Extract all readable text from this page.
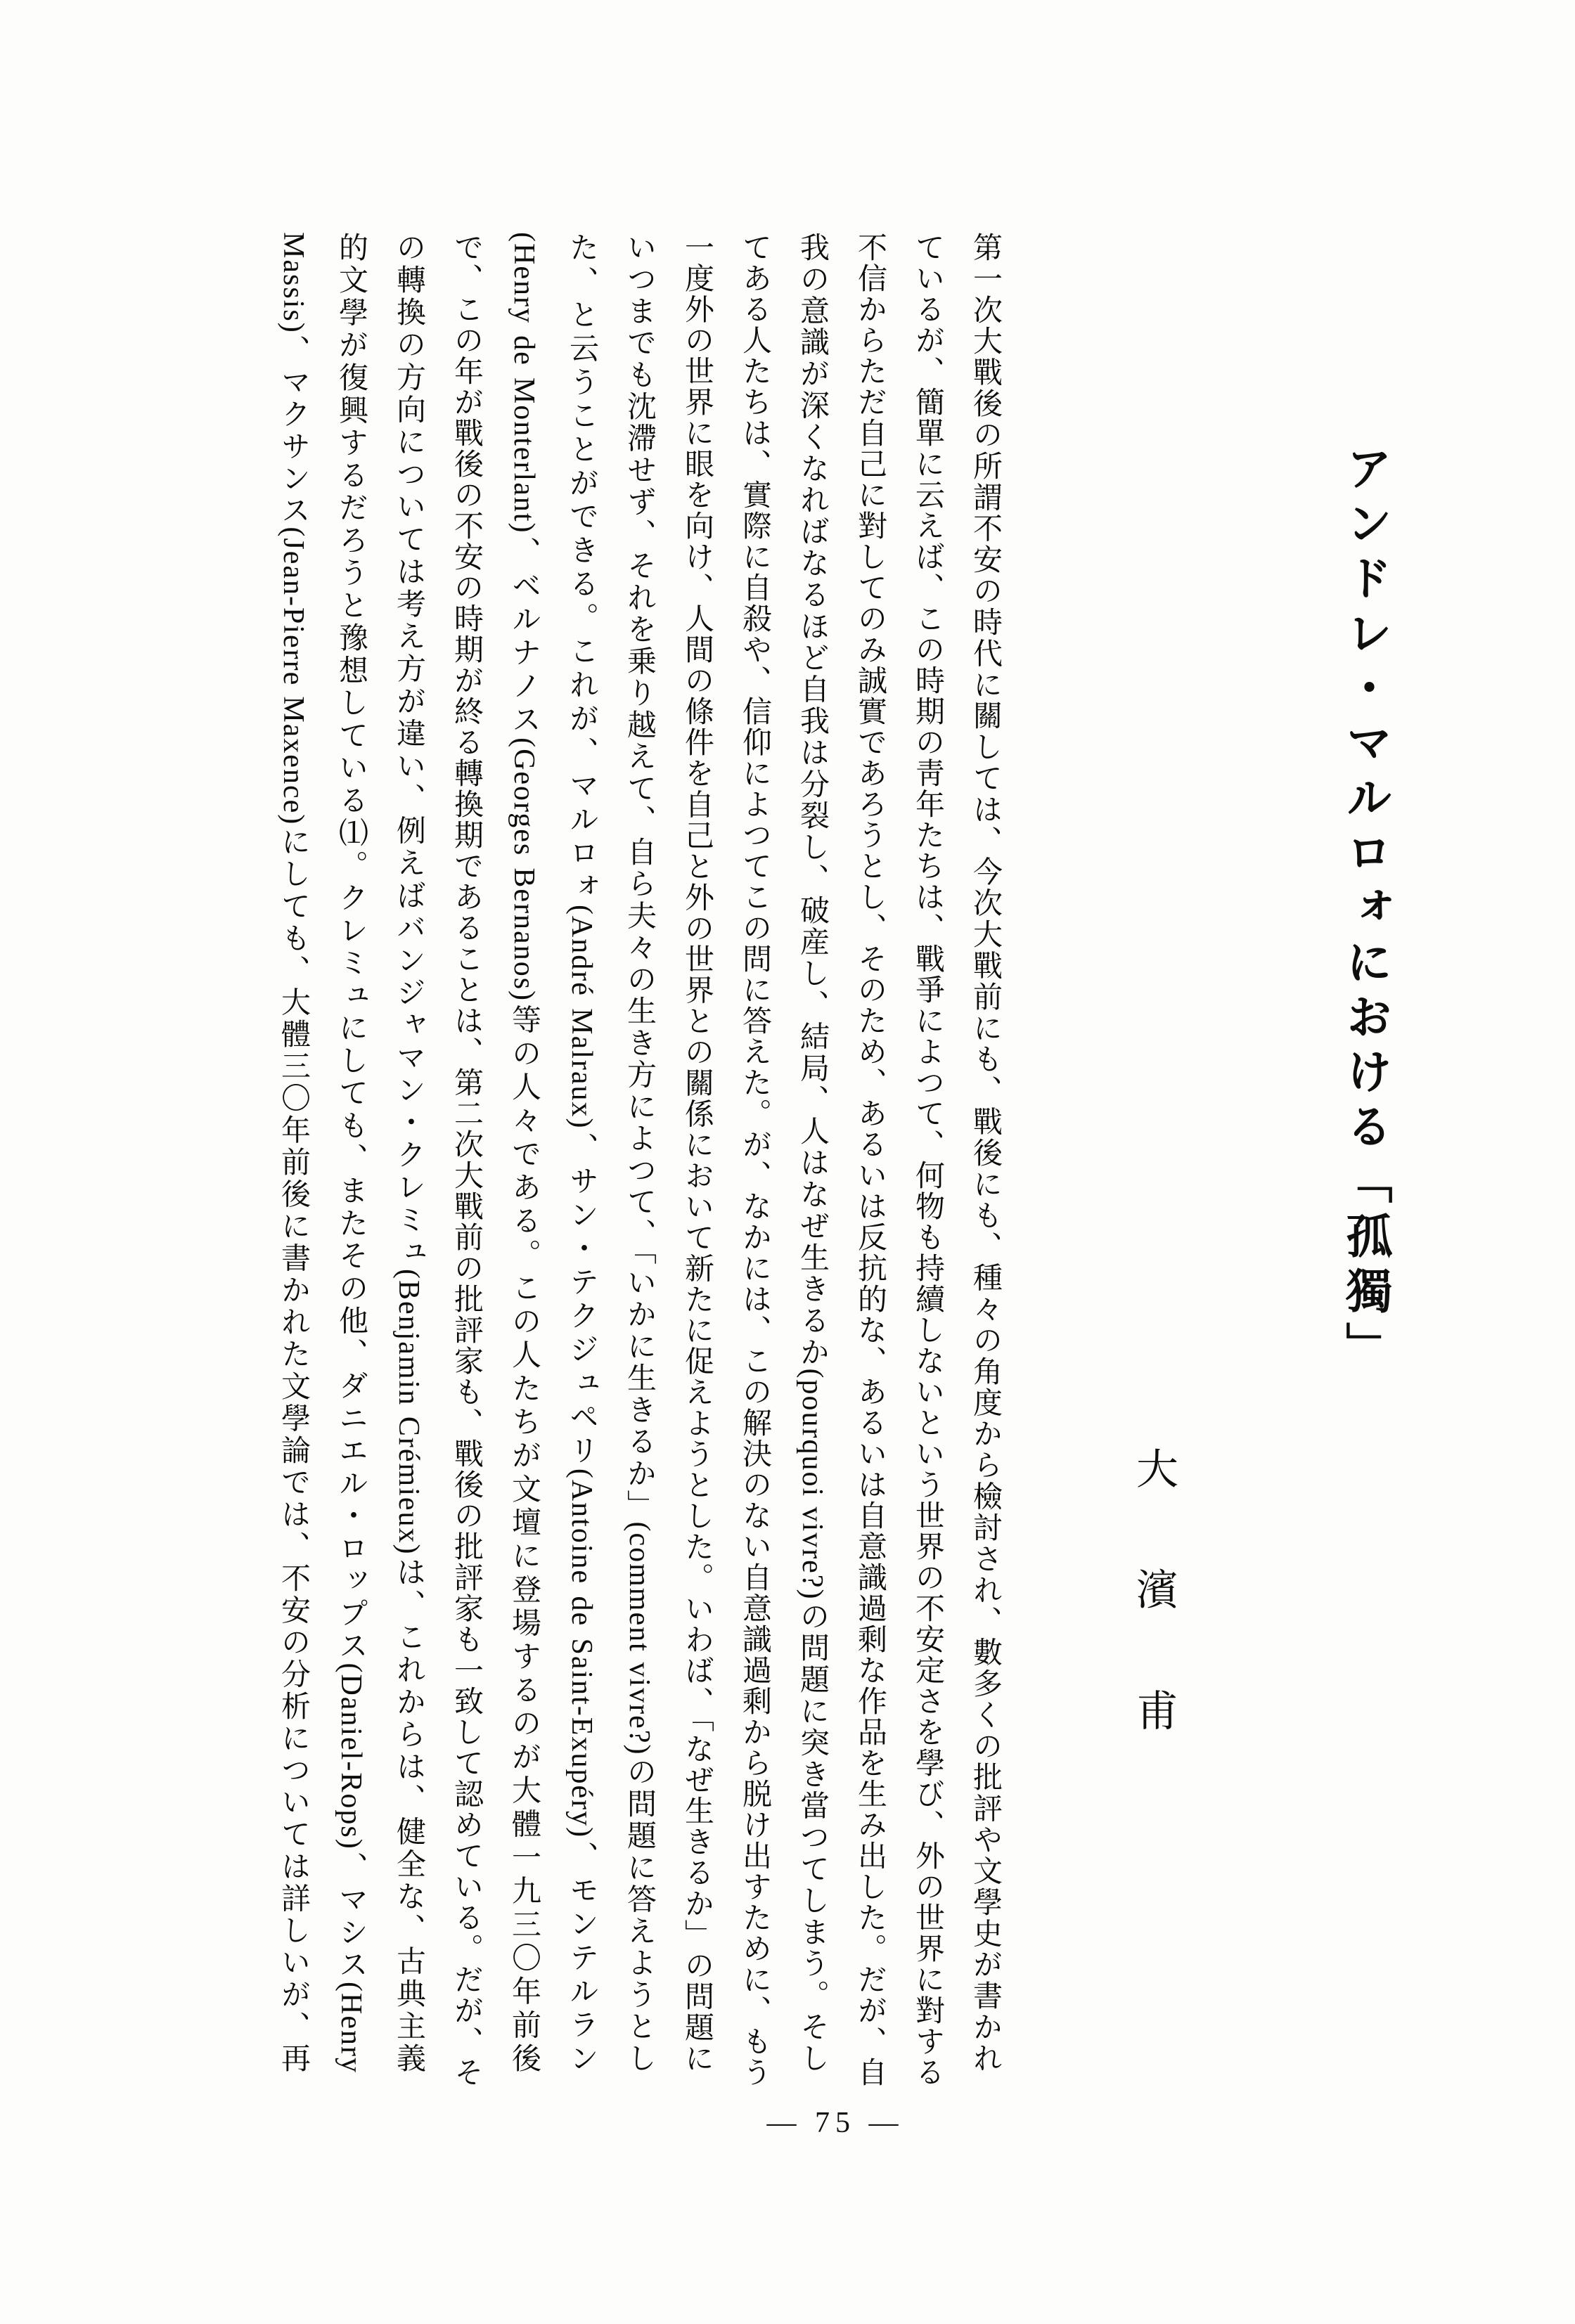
アンドレ・マルロォにおける「孤獨」
大濱甫
第一次大戰後の所謂不安の時代に關しては、今次大戰前にも、戰後にも、種々の角度から檢討され、數多くの批評や文學史が書かれ
ているが、簡單に云えば、この時期の靑年たちは、戰爭によつて、何物も持續しないという世界の不安定さを學び、外の世界に對する
不信からただ自己に對してのみ誠實であろうとし、そのため、あるいは反抗的な、あるいは自意識過剩な作品を生み出した。だが、自
我の意識が深くなればなるほど自我は分裂し、破産し、結局、人はなぜ生きるか(pourquoi vivre?)の問題に突き當つてしまう。そし
てある人たちは、實際に自殺や、信仰によつてこの問に答えた。が、なかには、この解決のない自意識過剩から脱け出すために、もう
一度外の世界に眼を向け、人間の條件を自己と外の世界との關係において新たに促えようとした。いわば、「なぜ生きるか」の問題に
いつまでも沈滯せず、それを乗り越えて、自ら夫々の生き方によつて、「いかに生きるか」(comment vivre?)の問題に答えようとし
た、と云うことができる。これが、マルロォ(André Malraux)、サン・テクジュペリ(Antoine de Saint-Exupéry)、モンテルラン
(Henry de Monterlant)、ベルナノス(Georges Bernanos)等の人々である。この人たちが文壇に登場するのが大體一九三〇年前後
で、この年が戰後の不安の時期が終る轉換期であることは、第二次大戰前の批評家も、戰後の批評家も一致して認めている。だが、そ
の轉換の方向については考え方が違い、例えばバンジャマン・クレミュ(Benjamin Crémieux)は、これからは、健全な、古典主義
的文學が復興するだろうと豫想している⑴。クレミュにしても、またその他、ダニエル・ロップス(Daniel-Rops)、マシス(Henry
Massis)、マクサンス(Jean-Pierre Maxence)にしても、大體三〇年前後に書かれた文學論では、不安の分析については詳しいが、再
— 75 —
